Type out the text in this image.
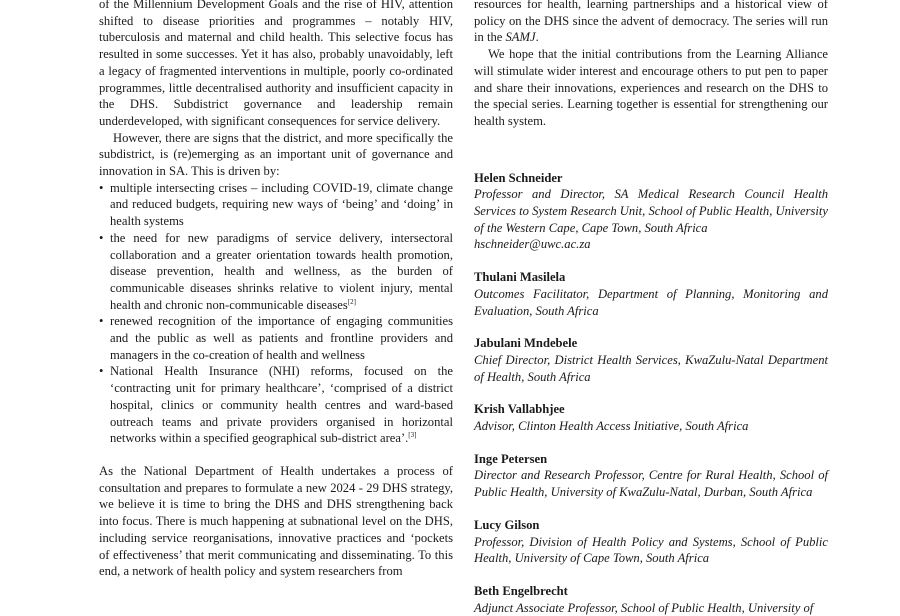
of the Millennium Development Goals and the rise of HIV, attention shifted to disease priorities and programmes – notably HIV, tuberculosis and maternal and child health. This selective focus has resulted in some successes. Yet it has also, probably unavoidably, left a legacy of fragmented interventions in multiple, poorly co-ordinated programmes, little decentralised authority and insufficient capacity in the DHS. Subdistrict governance and leadership remain underdeveloped, with significant consequences for service delivery.

However, there are signs that the district, and more specifically the subdistrict, is (re)emerging as an important unit of governance and innovation in SA. This is driven by:

• multiple intersecting crises – including COVID-19, climate change and reduced budgets, requiring new ways of ‘being’ and ‘doing’ in health systems
• the need for new paradigms of service delivery, intersectoral collaboration and a greater orientation towards health promotion, disease prevention, health and wellness, as the burden of communicable diseases shrinks relative to violent injury, mental health and chronic non-communicable diseases[2]
• renewed recognition of the importance of engaging communities and the public as well as patients and frontline providers and managers in the co-creation of health and wellness
• National Health Insurance (NHI) reforms, focused on the ‘contracting unit for primary healthcare’, ‘comprised of a district hospital, clinics or community health centres and ward-based outreach teams and private providers organised in horizontal networks within a specified geographical sub-district area’.[3]

As the National Department of Health undertakes a process of consultation and prepares to formulate a new 2024 - 29 DHS strategy, we believe it is time to bring the DHS and DHS strengthening back into focus. There is much happening at subnational level on the DHS, including service reorganisations, innovative practices and ‘pockets of effectiveness’ that merit communicating and disseminating. To this end, a network of health policy and system researchers from

resources for health, learning partnerships and a historical view of policy on the DHS since the advent of democracy. The series will run in the SAMJ.

We hope that the initial contributions from the Learning Alliance will stimulate wider interest and encourage others to put pen to paper and share their innovations, experiences and research on the DHS to the special series. Learning together is essential for strengthening our health system.

Helen Schneider
Professor and Director, SA Medical Research Council Health Services to System Research Unit, School of Public Health, University of the Western Cape, Cape Town, South Africa
hschneider@uwc.ac.za
Thulani Masilela
Outcomes Facilitator, Department of Planning, Monitoring and Evaluation, South Africa
Jabulani Mndebele
Chief Director, District Health Services, KwaZulu-Natal Department of Health, South Africa
Krish Vallabhjee
Advisor, Clinton Health Access Initiative, South Africa
Inge Petersen
Director and Research Professor, Centre for Rural Health, School of Public Health, University of KwaZulu-Natal, Durban, South Africa
Lucy Gilson
Professor, Division of Health Policy and Systems, School of Public Health, University of Cape Town, South Africa
Beth Engelbrecht
Adjunct Associate Professor, School of Public Health, University of
